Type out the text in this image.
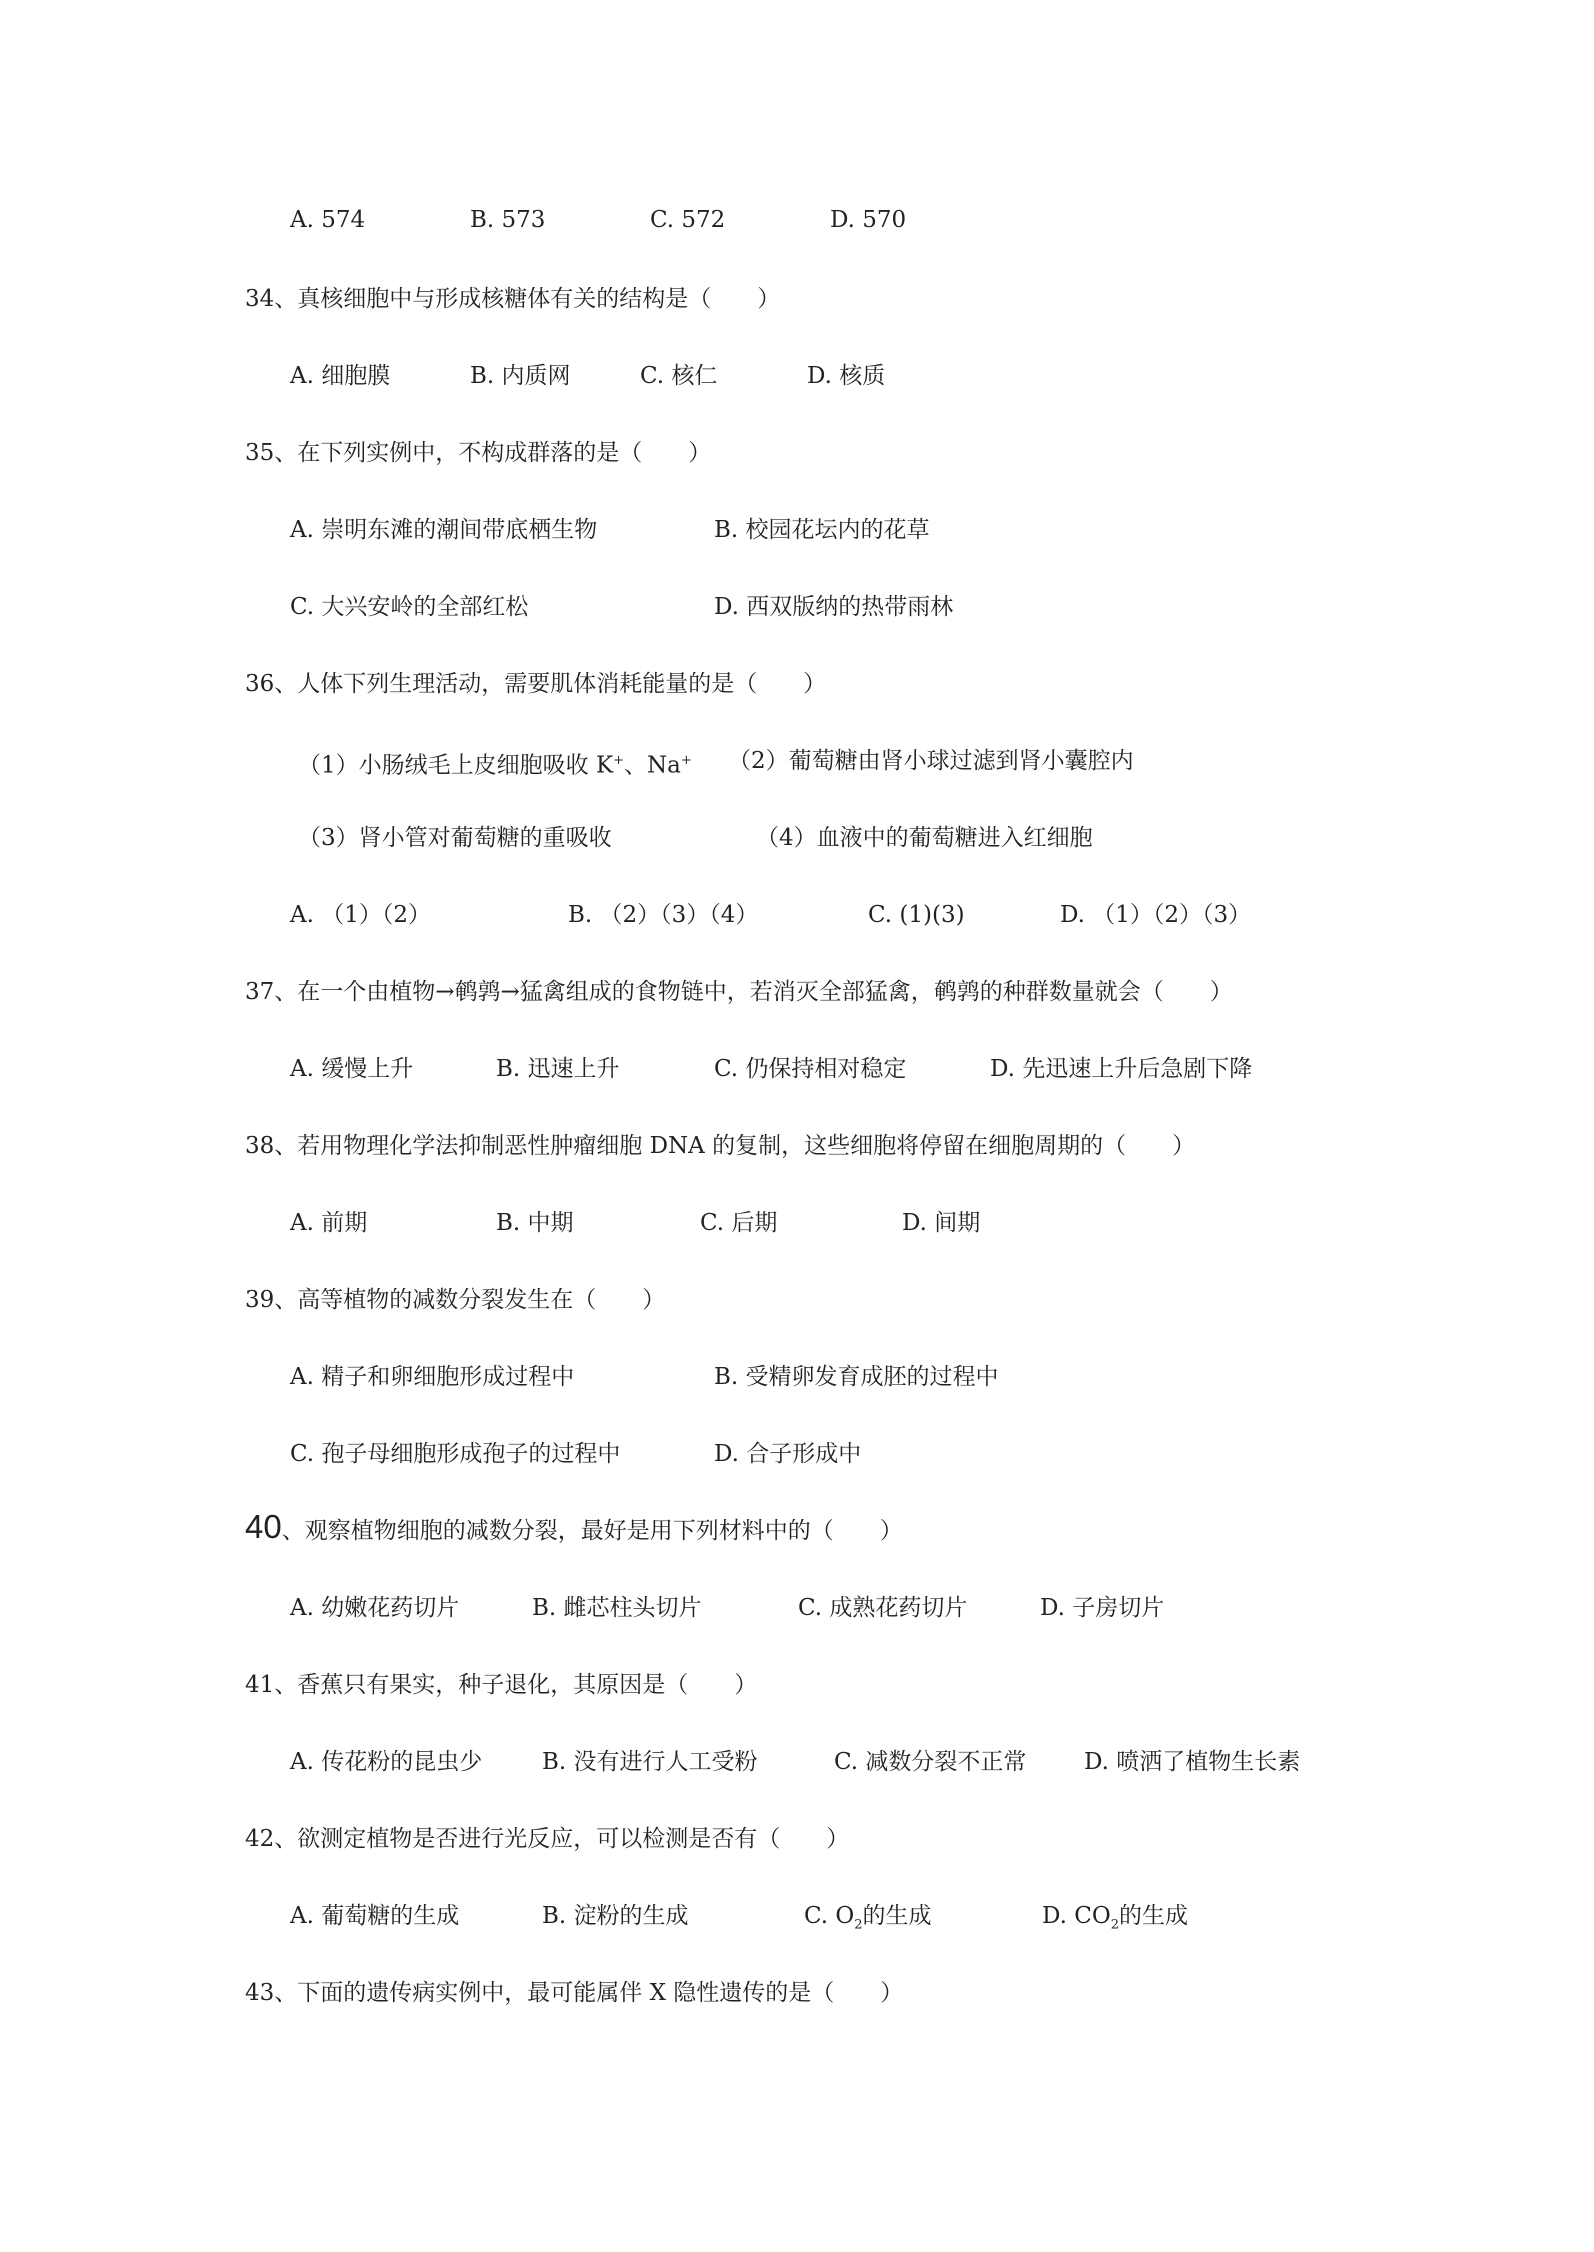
A. 574	B. 573	C. 572	D. 570
34、真核细胞中与形成核糖体有关的结构是（　　）
A. 细胞膜	B. 内质网	C. 核仁	D. 核质
35、在下列实例中，不构成群落的是（　　）
A. 崇明东滩的潮间带底栖生物	B. 校园花坛内的花草
C. 大兴安岭的全部红松	D. 西双版纳的热带雨林
36、人体下列生理活动，需要肌体消耗能量的是（　　）
（1）小肠绒毛上皮细胞吸收 K+、Na+ （2）葡萄糖由肾小球过滤到肾小囊腔内
（3）肾小管对葡萄糖的重吸收	（4）血液中的葡萄糖进入红细胞
A. （1）（2）	B. （2）（3）（4）	C. (1)(3)	D. （1）（2）（3）
37、在一个由植物→鹌鹑→猛禽组成的食物链中，若消灭全部猛禽，鹌鹑的种群数量就会（　　）
A. 缓慢上升	B. 迅速上升	C. 仍保持相对稳定	D. 先迅速上升后急剧下降
38、若用物理化学法抑制恶性肿瘤细胞 DNA 的复制，这些细胞将停留在细胞周期的（　　）
A. 前期	B. 中期	C. 后期	D. 间期
39、高等植物的减数分裂发生在（　　）
A. 精子和卵细胞形成过程中	B. 受精卵发育成胚的过程中
C. 孢子母细胞形成孢子的过程中	D. 合子形成中
40、观察植物细胞的减数分裂，最好是用下列材料中的（　　）
A. 幼嫩花药切片	B. 雌芯柱头切片	C. 成熟花药切片	D. 子房切片
41、香蕉只有果实，种子退化，其原因是（　　）
A. 传花粉的昆虫少	B. 没有进行人工受粉	C. 减数分裂不正常	D. 喷洒了植物生长素
42、欲测定植物是否进行光反应，可以检测是否有（　　）
A. 葡萄糖的生成	B. 淀粉的生成	C. $O_2$的生成	D. $CO_2$的生成
43、下面的遗传病实例中，最可能属伴 X 隐性遗传的是（　　）
